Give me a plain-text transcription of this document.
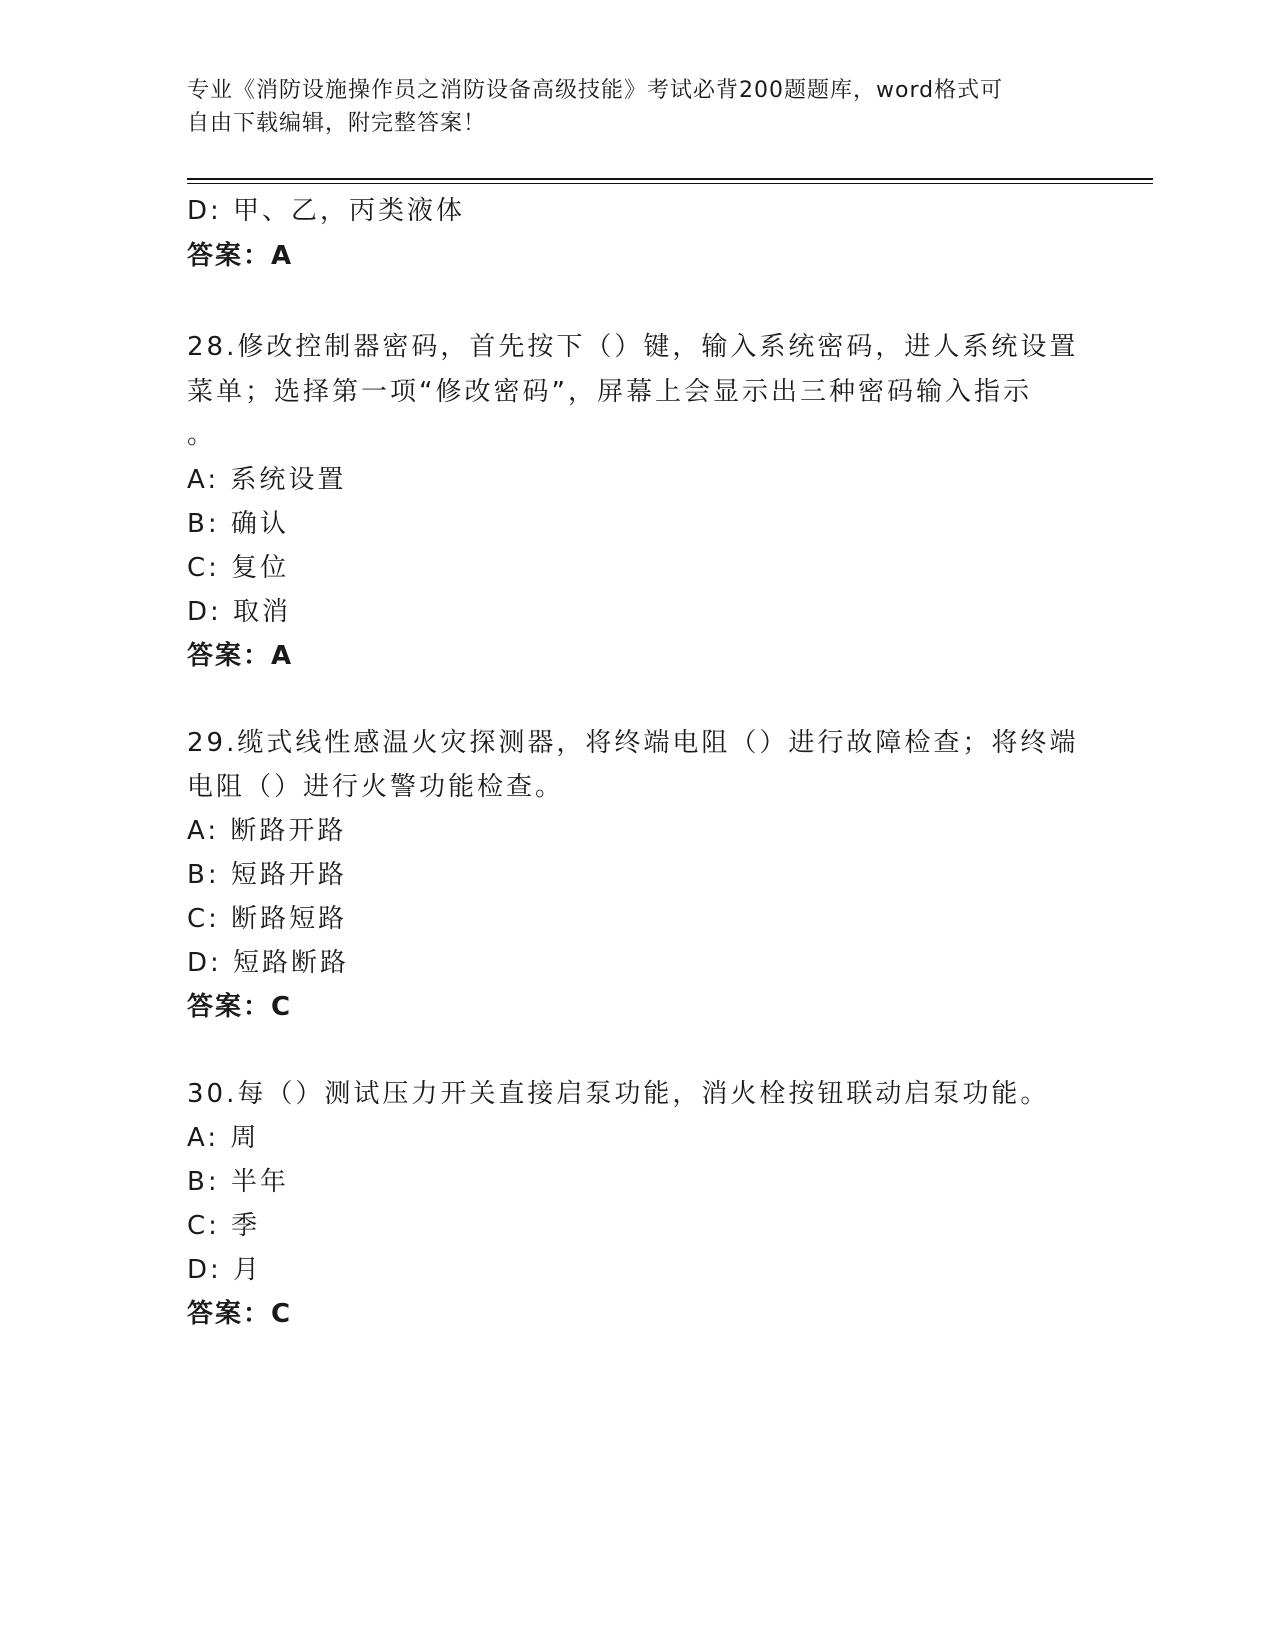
专业《消防设施操作员之消防设备高级技能》考试必背200题题库，word格式可
自由下载编辑，附完整答案！
D: 甲、乙，丙类液体
答案：A
28.修改控制器密码，首先按下（）键，输入系统密码，进人系统设置
菜单；选择第一项“修改密码”，屏幕上会显示出三种密码输入指示
。
A: 系统设置
B: 确认
C: 复位
D: 取消
答案：A
29.缆式线性感温火灾探测器，将终端电阻（）进行故障检查；将终端
电阻（）进行火警功能检查。
A: 断路开路
B: 短路开路
C: 断路短路
D: 短路断路
答案：C
30.每（）测试压力开关直接启泵功能，消火栓按钮联动启泵功能。
A: 周
B: 半年
C: 季
D: 月
答案：C
